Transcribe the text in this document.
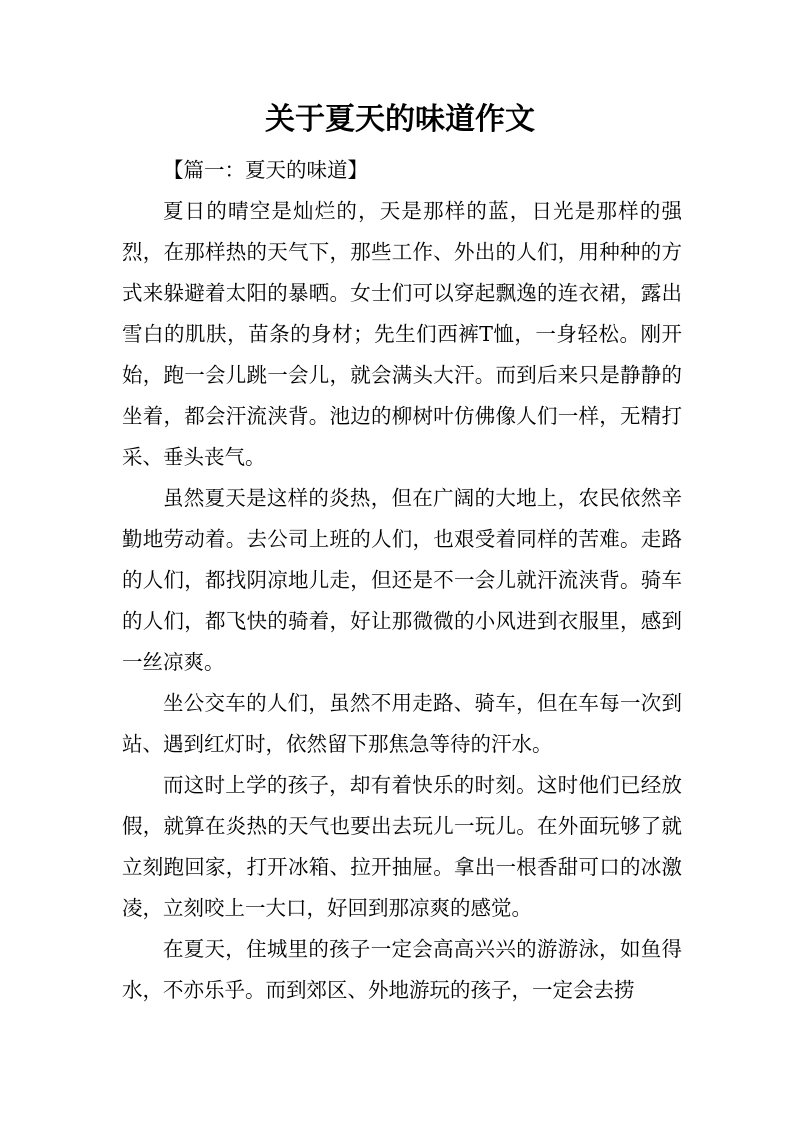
关于夏天的味道作文

【篇一：夏天的味道】

夏日的晴空是灿烂的，天是那样的蓝，日光是那样的强烈，在那样热的天气下，那些工作、外出的人们，用种种的方式来躲避着太阳的暴晒。女士们可以穿起飘逸的连衣裙，露出雪白的肌肤，苗条的身材；先生们西裤T恤，一身轻松。刚开始，跑一会儿跳一会儿，就会满头大汗。而到后来只是静静的坐着，都会汗流浃背。池边的柳树叶仿佛像人们一样，无精打采、垂头丧气。

虽然夏天是这样的炎热，但在广阔的大地上，农民依然辛勤地劳动着。去公司上班的人们，也艰受着同样的苦难。走路的人们，都找阴凉地儿走，但还是不一会儿就汗流浃背。骑车的人们，都飞快的骑着，好让那微微的小风进到衣服里，感到一丝凉爽。

坐公交车的人们，虽然不用走路、骑车，但在车每一次到站、遇到红灯时，依然留下那焦急等待的汗水。

而这时上学的孩子，却有着快乐的时刻。这时他们已经放假，就算在炎热的天气也要出去玩儿一玩儿。在外面玩够了就立刻跑回家，打开冰箱、拉开抽屉。拿出一根香甜可口的冰激凌，立刻咬上一大口，好回到那凉爽的感觉。

在夏天，住城里的孩子一定会高高兴兴的游游泳，如鱼得水，不亦乐乎。而到郊区、外地游玩的孩子，一定会去捞
